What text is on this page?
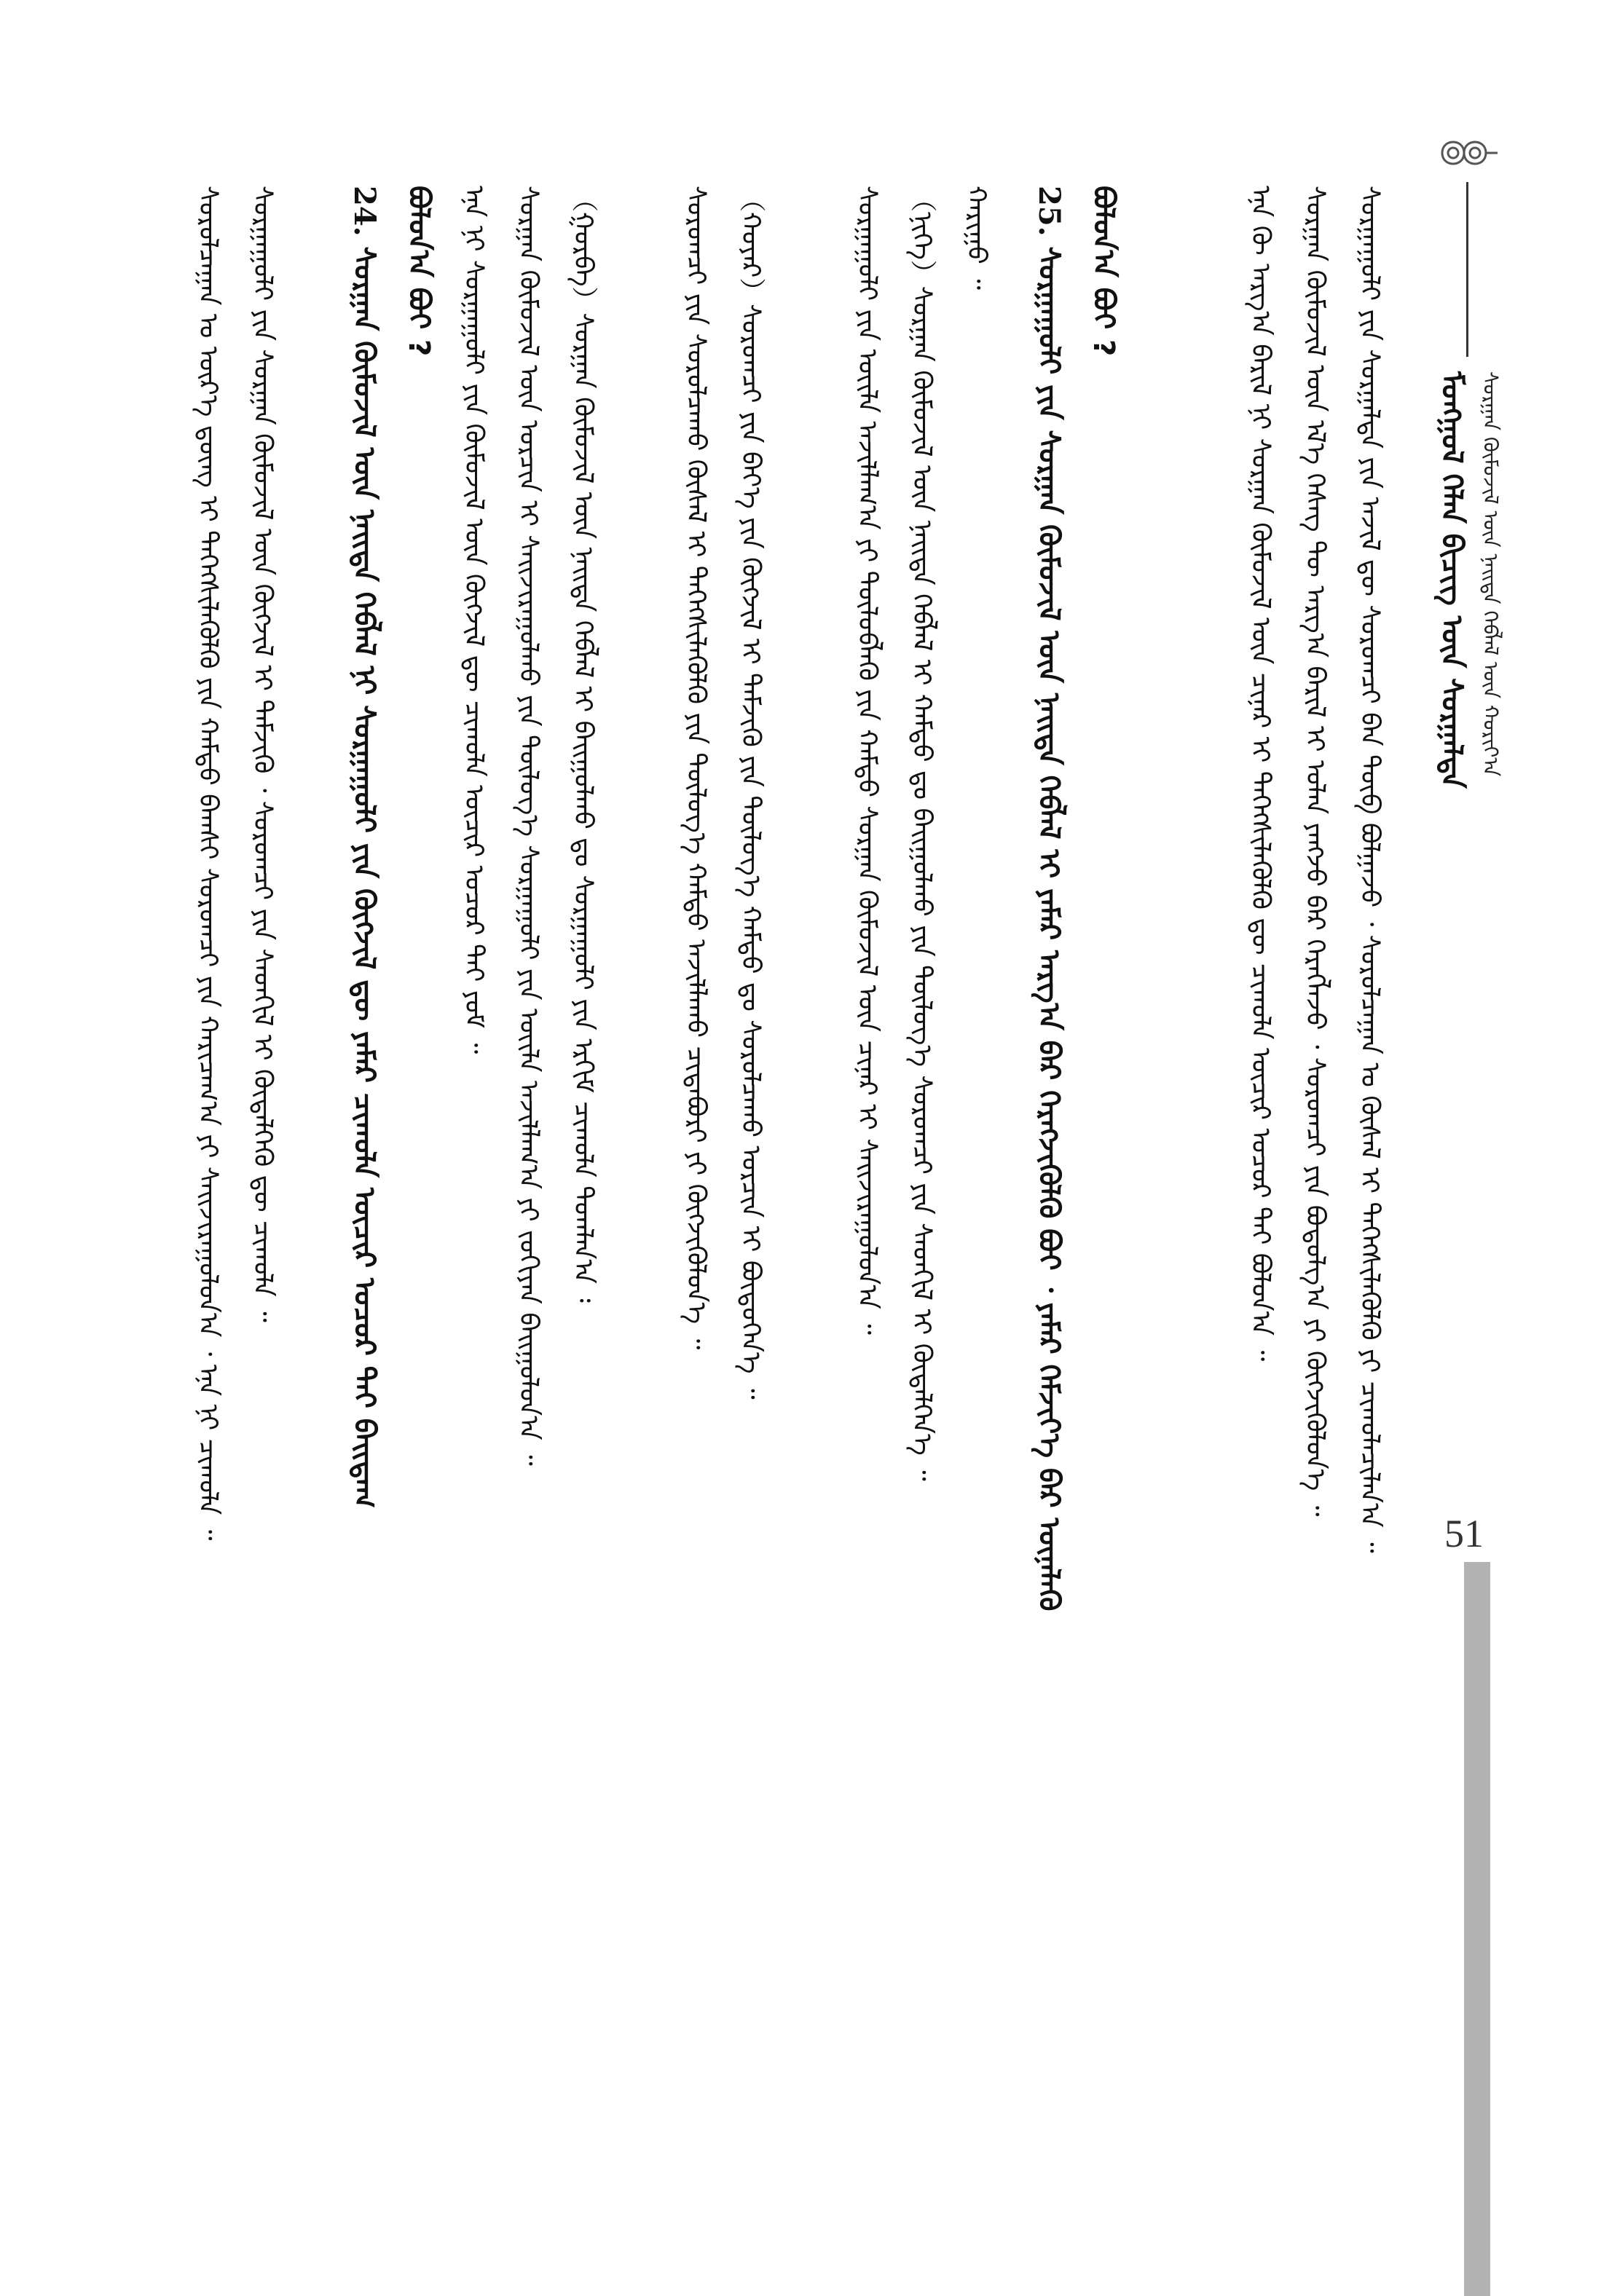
ᠮᠣᠩᠭᠣᠯ ᠬᠡᠯᠡᠨ ᠪᠢᠴᠢᠭ ᠦᠨ ᠰᠤᠷᠭᠠᠯᠲᠠ ᠰᠤᠷᠭᠠᠨ ᠬᠦᠮᠦᠵᠢᠯ ᠦᠨ ᠨᠡᠢᠲᠡ ᠬᠡᠪᠯᠡᠯ ᠦᠨ ᠬᠣᠷᠢᠶ᠎ᠠ
ᠰᠤᠷᠭᠠᠭᠤᠯᠢ ᠶᠢᠨ ᠰᠤᠷᠭᠠᠯᠲᠠ ᠶᠢᠨ ᠠᠵᠢᠯ ᠳᠦ ᠰᠤᠷᠤᠭᠴᠢ ᠪᠠᠨ ᠲᠥᠪ ᠪᠣᠯᠭᠠᠵᠤ ᠂ ᠰᠤᠷᠤᠯᠴᠠᠭᠠᠨ ᠤ ᠬᠦᠰᠡᠯ ᠢ ᠳᠡᠭᠡᠭᠰᠢᠯᠡᠭᠦᠯᠬᠦ ᠶᠢ ᠴᠢᠬᠤᠯᠠᠴᠢᠯᠠᠨ᠎ᠠ ᠃
ᠰᠤᠷᠭᠠᠨ ᠬᠦᠮᠦᠵᠢᠯ ᠦᠨ ᠡᠯ᠎ᠡ ᠬᠡᠰᠡᠭ ᠲᠦ ᠠᠷᠭ᠎ᠠ ᠪᠠᠷᠢᠯ ᠢ ᠣᠯᠠᠨ ᠶᠠᠩᠵᠤ ᠪᠡᠷ ᠬᠡᠷᠡᠭᠯᠡᠵᠦ ᠂ ᠰᠤᠷᠤᠭᠴᠢ ᠶᠢᠨ ᠪᠣᠳᠣᠯᠭ᠎ᠠ ᠶᠢ ᠬᠥᠭᠵᠢᠭᠦᠯᠦᠨ᠎ᠡ ᠃
ᠡᠨᠡ ᠬᠦ ᠠᠷᠭ᠎ᠠ ᠪᠠᠷᠢᠯ ᠨᠢ ᠰᠤᠷᠭᠠᠨ ᠬᠦᠮᠦᠵᠢᠯ ᠦᠨ ᠴᠢᠨᠠᠷ ᠢ ᠳᠡᠭᠡᠭᠰᠢᠯᠡᠭᠦᠯᠬᠦ ᠳᠦ ᠴᠢᠬᠤᠯᠠ ᠦᠴᠢᠷ ᠤᠴᠤᠷ ᠲᠠᠢ ᠪᠣᠯᠤᠨ᠎ᠠ ᠃
ᠪᠣᠯᠤᠨ᠎ᠠ ᠪᠤᠢ ?
25. ᠰᠤᠷᠭᠠᠭᠤᠯᠢ ᠶᠢᠨ ᠰᠤᠷᠭᠠᠨ ᠬᠦᠮᠦᠵᠢᠯ ᠦᠨ ᠨᠡᠢᠲᠡ ᠬᠡᠪᠯᠡᠯ ᠢ ᠶᠠᠮᠠᠷ ᠠᠷᠭ᠎ᠠ ᠪᠠᠷ ᠬᠡᠷᠡᠭᠵᠢᠭᠦᠯᠬᠦ ᠪᠤᠢ ᠂ ᠶᠠᠮᠠᠷ ᠬᠡᠮᠵᠢᠶ᠎ᠡ ᠪᠠᠷ ᠦᠨᠡᠯᠡᠬᠦ
ᠬᠠᠷᠢᠭᠤ ᠃
（ᠨᠢᠭᠡ）ᠰᠤᠷᠭᠠᠨ ᠬᠦᠮᠦᠵᠢᠯ ᠦᠨ ᠨᠡᠢᠲᠡ ᠬᠡᠪᠯᠡᠯ ᠢ ᠬᠠᠮᠲᠤ ᠳᠤ ᠪᠠᠢᠭᠤᠯᠬᠤ ᠶᠢᠨ ᠲᠥᠯᠦᠭ᠎ᠡ ᠰᠤᠷᠤᠭᠴᠢ ᠶᠢᠨ ᠰᠡᠳᠬᠢᠯ ᠢ ᠬᠥᠳᠡᠯᠭᠡᠨ᠎ᠡ ᠃
ᠰᠤᠷᠭᠠᠭᠤᠯᠢ ᠶᠢᠨ ᠦᠢᠯᠡ ᠠᠵᠢᠯᠯᠠᠭ᠎ᠠ ᠶᠢ ᠲᠥᠯᠦᠪᠯᠡᠬᠦ ᠶᠢᠨ ᠬᠠᠮᠲᠤ ᠰᠤᠷᠭᠠᠨ ᠬᠦᠮᠦᠵᠢᠯ ᠦᠨ ᠴᠢᠨᠠᠷ ᠢ ᠰᠠᠢᠵᠢᠷᠠᠭᠤᠯᠤᠨ᠎ᠠ ᠃
（ᠬᠣᠶᠠᠷ）ᠰᠤᠷᠤᠭᠴᠢ ᠶᠢᠨ ᠪᠡᠶ᠎ᠡ ᠶᠢᠨ ᠬᠥᠭᠵᠢᠯ ᠢ ᠳᠡᠮᠵᠢᠬᠦ ᠶᠢᠨ ᠲᠥᠯᠦᠭ᠎ᠡ ᠬᠠᠮᠲᠤ ᠳᠤ ᠰᠤᠷᠤᠯᠴᠠᠬᠤ ᠤᠷᠴᠢᠨ ᠢ ᠪᠦᠲᠦᠭᠡᠨ᠎ᠡ ᠃
ᠰᠤᠷᠤᠭᠴᠢ ᠶᠢᠨ ᠰᠤᠷᠤᠯᠴᠠᠬᠤ ᠬᠦᠰᠡᠯ ᠢ ᠳᠡᠭᠡᠭᠰᠢᠯᠡᠭᠦᠯᠬᠦ ᠶᠢᠨ ᠲᠥᠯᠦᠭ᠎ᠡ ᠬᠠᠮᠲᠤ ᠠᠵᠢᠯᠯᠠᠬᠤ ᠴᠢᠳᠠᠪᠤᠷᠢ ᠶᠢ ᠬᠥᠭᠵᠢᠭᠦᠯᠦᠨ᠎ᠡ ᠃
（ᠭᠤᠷᠪᠠ）ᠰᠤᠷᠭᠠᠨ ᠬᠦᠮᠦᠵᠢᠯ ᠦᠨ ᠨᠡᠢᠲᠡ ᠬᠡᠪᠯᠡᠯ ᠢ ᠪᠠᠢᠭᠤᠯᠬᠤ ᠳᠤ ᠰᠤᠷᠭᠠᠭᠤᠯᠢ ᠶᠢᠨ ᠡᠷᠬᠢᠮ ᠴᠢᠬᠤᠯᠠ ᠲᠣᠭᠯᠠᠨ᠎ᠠ ᠄
ᠰᠤᠷᠭᠠᠨ ᠬᠦᠮᠦᠵᠢᠯ ᠦᠨ ᠣᠷᠴᠢᠨ ᠢ ᠰᠠᠢᠵᠢᠷᠠᠭᠤᠯᠬᠤ ᠶᠢᠨ ᠲᠥᠯᠦᠭ᠎ᠡ ᠰᠤᠷᠭᠠᠭᠤᠯᠢ ᠶᠢᠨ ᠦᠢᠯᠡ ᠠᠵᠢᠯᠯᠠᠭ᠎ᠠ ᠶᠢ ᠵᠣᠬᠢᠶᠠᠨ ᠪᠠᠢᠭᠤᠯᠤᠨ᠎ᠠ ᠃
ᠡᠨᠡ ᠨᠢ ᠰᠤᠷᠭᠠᠭᠤᠯᠢ ᠶᠢᠨ ᠬᠦᠮᠦᠵᠢᠯ ᠦᠨ ᠬᠥᠭᠵᠢᠯ ᠳᠦ ᠴᠢᠬᠤᠯᠠ ᠦᠴᠢᠷ ᠤᠴᠤᠷ ᠲᠠᠢ ᠶᠤᠮ ᠃
ᠪᠣᠯᠤᠨ᠎ᠠ ᠪᠤᠢ ?
24. ᠰᠤᠷᠭᠠᠨ ᠬᠦᠮᠦᠵᠢᠯ ᠦᠨ ᠨᠡᠢᠲᠡ ᠬᠡᠪᠯᠡᠯ ᠨᠢ ᠰᠤᠷᠭᠠᠭᠤᠯᠢ ᠶᠢᠨ ᠬᠥᠭᠵᠢᠯ ᠳᠦ ᠶᠠᠮᠠᠷ ᠴᠢᠬᠤᠯᠠ ᠦᠴᠢᠷ ᠤᠴᠤᠷ ᠲᠠᠢ ᠪᠠᠢᠳᠠᠭ
ᠰᠤᠷᠭᠠᠭᠤᠯᠢ ᠶᠢᠨ ᠰᠤᠷᠭᠠᠨ ᠬᠦᠮᠦᠵᠢᠯ ᠦᠨ ᠬᠥᠭᠵᠢᠯ ᠢ ᠳᠡᠮᠵᠢᠬᠦ ᠂ ᠰᠤᠷᠤᠭᠴᠢ ᠶᠢᠨ ᠰᠡᠳᠬᠢᠯ ᠢ ᠬᠥᠳᠡᠯᠭᠡᠬᠦ ᠳᠦ ᠴᠢᠬᠤᠯᠠ ᠃
ᠰᠤᠷᠤᠯᠴᠠᠭᠠᠨ ᠤ ᠦᠷ᠎ᠡ ᠳ᠋ᠦᠩ ᠢ ᠳᠡᠭᠡᠭᠰᠢᠯᠡᠭᠦᠯᠬᠦ ᠶᠢᠨ ᠬᠠᠮᠲᠤ ᠪᠠᠭᠰᠢ ᠰᠤᠷᠤᠭᠴᠢ ᠶᠢᠨ ᠬᠠᠷᠢᠴᠠᠭ᠎ᠠ ᠶᠢ ᠰᠠᠢᠵᠢᠷᠠᠭᠤᠯᠤᠨ᠎ᠠ ᠂ ᠡᠨᠡ ᠨᠢ ᠴᠢᠬᠤᠯᠠ ᠃	51
